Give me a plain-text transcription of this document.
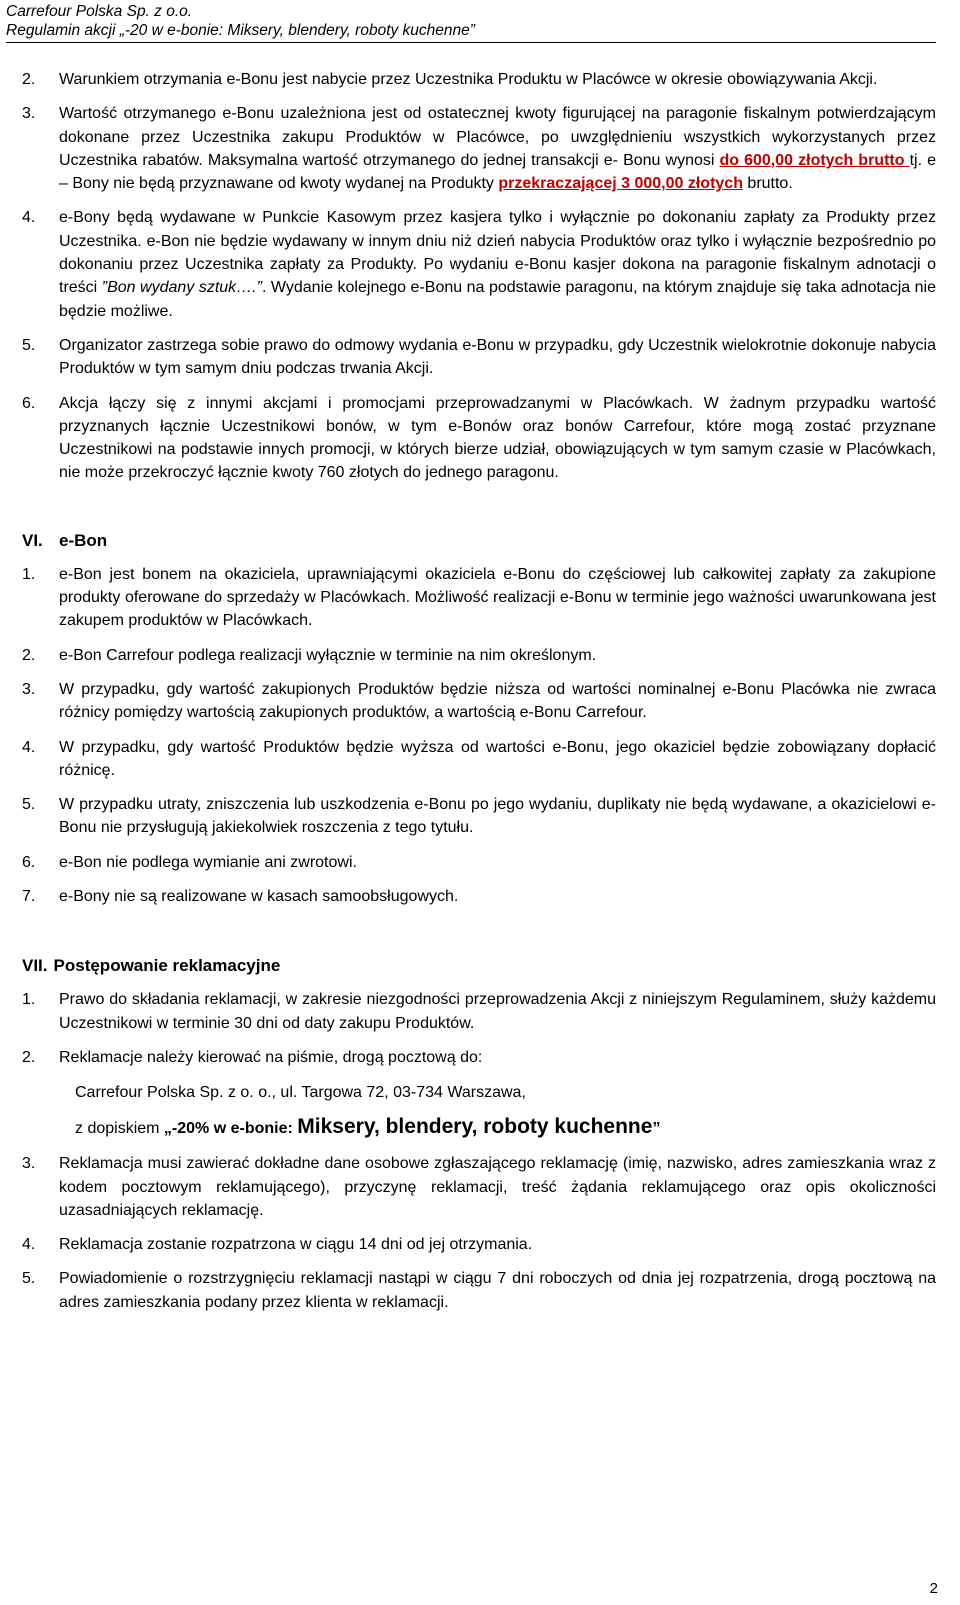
Carrefour Polska Sp. z o.o.
Regulamin akcji „-20 w e-bonie: Miksery, blendery, roboty kuchenne”
2.	Warunkiem otrzymania e-Bonu jest nabycie przez Uczestnika Produktu w Placówce w okresie obowiązywania Akcji.
3.	Wartość otrzymanego e-Bonu uzależniona jest od ostatecznej kwoty figurującej na paragonie fiskalnym potwierdzającym dokonane przez Uczestnika zakupu Produktów w Placówce, po uwzględnieniu wszystkich wykorzystanych przez Uczestnika rabatów. Maksymalna wartość otrzymanego do jednej transakcji e- Bonu wynosi do 600,00 złotych brutto tj. e – Bony nie będą przyznawane od kwoty wydanej na Produkty przekraczającej 3 000,00 złotych brutto.
4.	e-Bony będą wydawane w Punkcie Kasowym przez kasjera tylko i wyłącznie po dokonaniu zapłaty za Produkty przez Uczestnika. e-Bon nie będzie wydawany w innym dniu niż dzień nabycia Produktów oraz tylko i wyłącznie bezpośrednio po dokonaniu przez Uczestnika zapłaty za Produkty. Po wydaniu e-Bonu kasjer dokona na paragonie fiskalnym adnotacji o treści ”Bon wydany sztuk….”. Wydanie kolejnego e-Bonu na podstawie paragonu, na którym znajduje się taka adnotacja nie będzie możliwe.
5.	Organizator zastrzega sobie prawo do odmowy wydania e-Bonu w przypadku, gdy Uczestnik wielokrotnie dokonuje nabycia Produktów w tym samym dniu podczas trwania Akcji.
6.	Akcja łączy się z innymi akcjami i promocjami przeprowadzanymi w Placówkach. W żadnym przypadku wartość przyznanych łącznie Uczestnikowi bonów, w tym e-Bonów oraz bonów Carrefour, które mogą zostać przyznane Uczestnikowi na podstawie innych promocji, w których bierze udział, obowiązujących w tym samym czasie w Placówkach, nie może przekroczyć łącznie kwoty 760 złotych do jednego paragonu.
VI. e-Bon
1.	e-Bon jest bonem na okaziciela, uprawniającymi okaziciela e-Bonu do częściowej lub całkowitej zapłaty za zakupione produkty oferowane do sprzedaży w Placówkach. Możliwość realizacji e-Bonu w terminie jego ważności uwarunkowana jest zakupem produktów w Placówkach.
2.	e-Bon Carrefour podlega realizacji wyłącznie w terminie na nim określonym.
3.	W przypadku, gdy wartość zakupionych Produktów będzie niższa od wartości nominalnej e-Bonu Placówka nie zwraca różnicy pomiędzy wartością zakupionych produktów, a wartością e-Bonu Carrefour.
4.	W przypadku, gdy wartość Produktów będzie wyższa od wartości e-Bonu, jego okaziciel będzie zobowiązany dopłacić różnicę.
5.	W przypadku utraty, zniszczenia lub uszkodzenia e-Bonu po jego wydaniu, duplikaty nie będą wydawane, a okazicielowi e-Bonu nie przysługują jakiekolwiek roszczenia z tego tytułu.
6.	e-Bon nie podlega wymianie ani zwrotowi.
7.	e-Bony nie są realizowane w kasach samoobsługowych.
VII. Postępowanie reklamacyjne
1.	Prawo do składania reklamacji, w zakresie niezgodności przeprowadzenia Akcji z niniejszym Regulaminem, służy każdemu Uczestnikowi w terminie 30 dni od daty zakupu Produktów.
2.	Reklamacje należy kierować na piśmie, drogą pocztową do:
Carrefour Polska Sp. z o. o., ul. Targowa 72, 03-734 Warszawa,
z dopiskiem „-20% w e-bonie: Miksery, blendery, roboty kuchenne”
3.	Reklamacja musi zawierać dokładne dane osobowe zgłaszającego reklamację (imię, nazwisko, adres zamieszkania wraz z kodem pocztowym reklamującego), przyczynę reklamacji, treść żądania reklamującego oraz opis okoliczności uzasadniających reklamację.
4.	Reklamacja zostanie rozpatrzona w ciągu 14 dni od jej otrzymania.
5.	Powiadomienie o rozstrzygnięciu reklamacji nastąpi w ciągu 7 dni roboczych od dnia jej rozpatrzenia, drogą pocztową na adres zamieszkania podany przez klienta w reklamacji.
2
